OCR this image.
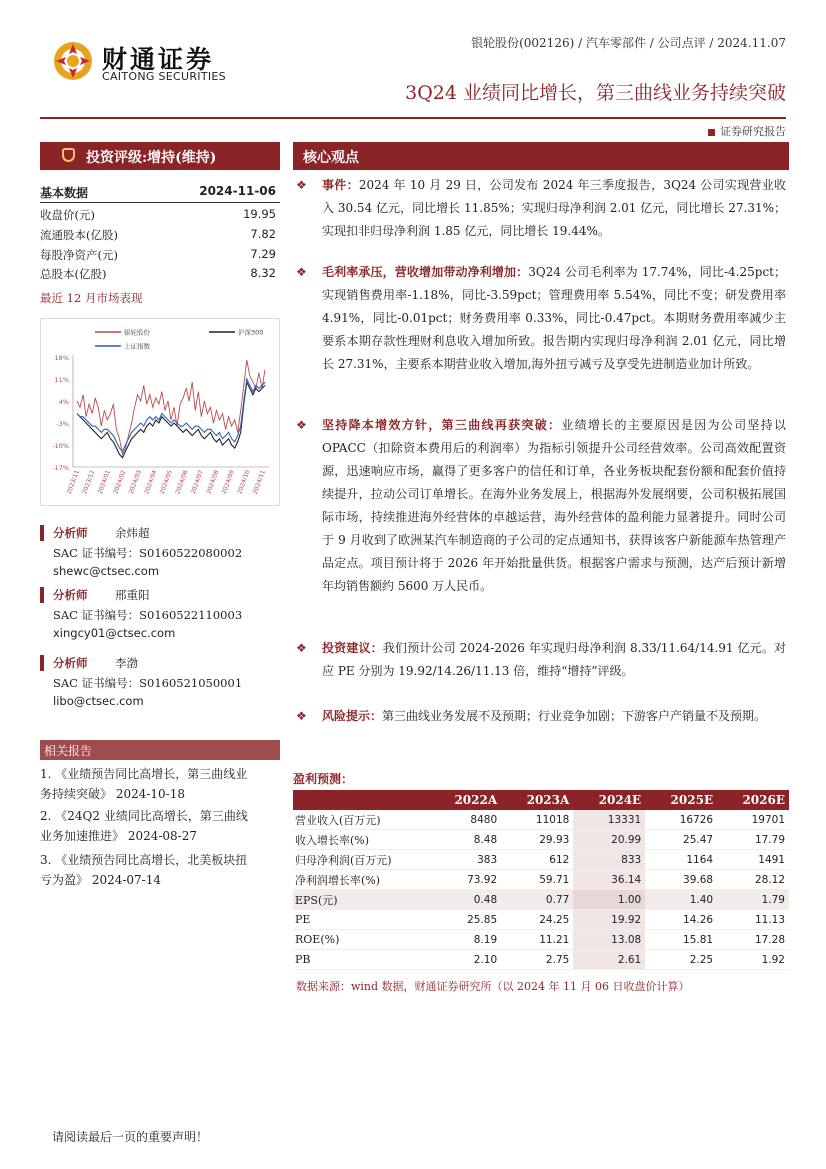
财通证券
CAITONG SECURITIES
银轮股份(002126) / 汽车零部件 / 公司点评 / 2024.11.07
3Q24 业绩同比增长，第三曲线业务持续突破
证券研究报告
投资评级:增持(维持)
基本数据	2024-11-06
收盘价(元)	19.95
流通股本(亿股)	7.82
每股净资产(元)	7.29
总股本(亿股)	8.32
最近 12 月市场表现
18%
11%
4%
-3%
-10%
-17%
2023/11 2023/12 2024/01 2024/02 2024/03 2024/04 2024/05 2024/06 2024/07 2024/08 2024/09 2024/10 2024/11
银轮股份	沪深300
上证指数
分析师 余炜超
SAC 证书编号：S0160522080002
shewc@ctsec.com
分析师 邢重阳
SAC 证书编号：S0160522110003
xingcy01@ctsec.com
分析师 李渤
SAC 证书编号：S0160521050001
libo@ctsec.com
相关报告
1. 《业绩预告同比高增长，第三曲线业
务持续突破》 2024-10-18
2. 《24Q2 业绩同比高增长，第三曲线
业务加速推进》 2024-08-27
3. 《业绩预告同比高增长，北美板块扭
亏为盈》 2024-07-14
核心观点
❖ 事件：2024 年 10 月 29 日，公司发布 2024 年三季度报告，3Q24 公司实现营业收入 30.54 亿元，同比增长 11.85%；实现归母净利润 2.01 亿元，同比增长 27.31%；实现扣非归母净利润 1.85 亿元，同比增长 19.44%。
❖ 毛利率承压，营收增加带动净利增加：3Q24 公司毛利率为 17.74%，同比-4.25pct；实现销售费用率-1.18%，同比-3.59pct；管理费用率 5.54%，同比不变；研发费用率 4.91%，同比-0.01pct；财务费用率 0.33%，同比-0.47pct。本期财务费用率减少主要系本期存款性理财利息收入增加所致。报告期内实现归母净利润 2.01 亿元，同比增长 27.31%，主要系本期营业收入增加,海外扭亏减亏及享受先进制造业加计所致。
❖ 坚持降本增效方针，第三曲线再获突破：业绩增长的主要原因是因为公司坚持以 OPACC（扣除资本费用后的利润率）为指标引领提升公司经营效率。公司高效配置资源，迅速响应市场，赢得了更多客户的信任和订单，各业务板块配套份额和配套价值持续提升，拉动公司订单增长。在海外业务发展上，根据海外发展纲要，公司积极拓展国际市场，持续推进海外经营体的卓越运营，海外经营体的盈利能力显著提升。同时公司于 9 月收到了欧洲某汽车制造商的子公司的定点通知书，获得该客户新能源车热管理产品定点。项目预计将于 2026 年开始批量供货。根据客户需求与预测，达产后预计新增年均销售额约 5600 万人民币。
❖ 投资建议：我们预计公司 2024-2026 年实现归母净利润 8.33/11.64/14.91 亿元。对应 PE 分别为 19.92/14.26/11.13 倍，维持“增持”评级。
❖ 风险提示：第三曲线业务发展不及预期；行业竞争加剧；下游客户产销量不及预期。
盈利预测：
	2022A	2023A	2024E	2025E	2026E
营业收入(百万元)	8480	11018	13331	16726	19701
收入增长率(%)	8.48	29.93	20.99	25.47	17.79
归母净利润(百万元)	383	612	833	1164	1491
净利润增长率(%)	73.92	59.71	36.14	39.68	28.12
EPS(元)	0.48	0.77	1.00	1.40	1.79
PE	25.85	24.25	19.92	14.26	11.13
ROE(%)	8.19	11.21	13.08	15.81	17.28
PB	2.10	2.75	2.61	2.25	1.92
数据来源：wind 数据，财通证券研究所（以 2024 年 11 月 06 日收盘价计算）
请阅读最后一页的重要声明！
